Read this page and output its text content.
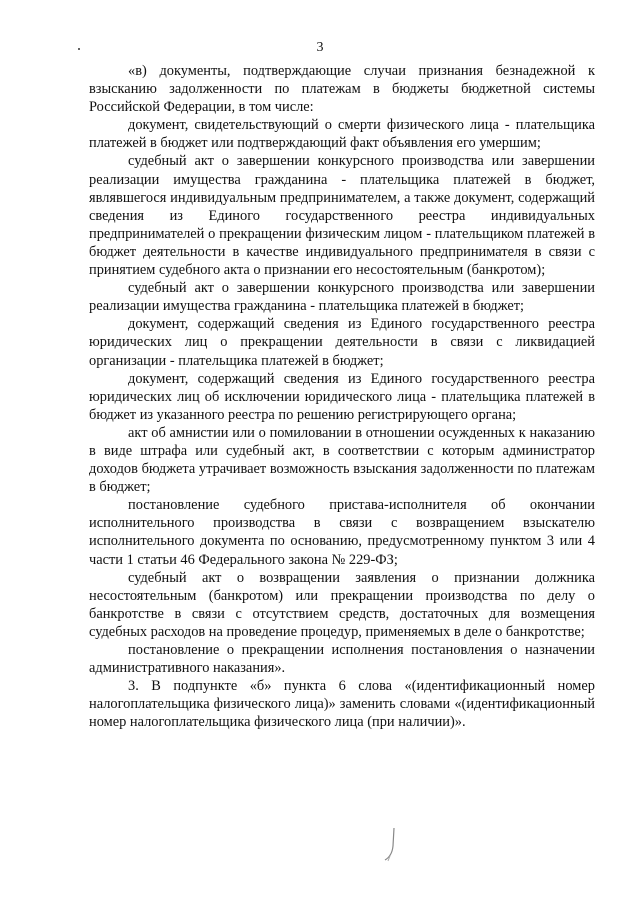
3

«в) документы, подтверждающие случаи признания безнадежной к взысканию задолженности по платежам в бюджеты бюджетной системы Российской Федерации, в том числе:

документ, свидетельствующий о смерти физического лица - плательщика платежей в бюджет или подтверждающий факт объявления его умершим;

судебный акт о завершении конкурсного производства или завершении реализации имущества гражданина - плательщика платежей в бюджет, являвшегося индивидуальным предпринимателем, а также документ, содержащий сведения из Единого государственного реестра индивидуальных предпринимателей о прекращении физическим лицом - плательщиком платежей в бюджет деятельности в качестве индивидуального предпринимателя в связи с принятием судебного акта о признании его несостоятельным (банкротом);

судебный акт о завершении конкурсного производства или завершении реализации имущества гражданина - плательщика платежей в бюджет;

документ, содержащий сведения из Единого государственного реестра юридических лиц о прекращении деятельности в связи с ликвидацией организации - плательщика платежей в бюджет;

документ, содержащий сведения из Единого государственного реестра юридических лиц об исключении юридического лица - плательщика платежей в бюджет из указанного реестра по решению регистрирующего органа;

акт об амнистии или о помиловании в отношении осужденных к наказанию в виде штрафа или судебный акт, в соответствии с которым администратор доходов бюджета утрачивает возможность взыскания задолженности по платежам в бюджет;

постановление судебного пристава-исполнителя об окончании исполнительного производства в связи с возвращением взыскателю исполнительного документа по основанию, предусмотренному пунктом 3 или 4 части 1 статьи 46 Федерального закона № 229-ФЗ;

судебный акт о возвращении заявления о признании должника несостоятельным (банкротом) или прекращении производства по делу о банкротстве в связи с отсутствием средств, достаточных для возмещения судебных расходов на проведение процедур, применяемых в деле о банкротстве;

постановление о прекращении исполнения постановления о назначении административного наказания».

3. В подпункте «б» пункта 6 слова «(идентификационный номер налогоплательщика физического лица)» заменить словами «(идентификационный номер налогоплательщика физического лица (при наличии)».
